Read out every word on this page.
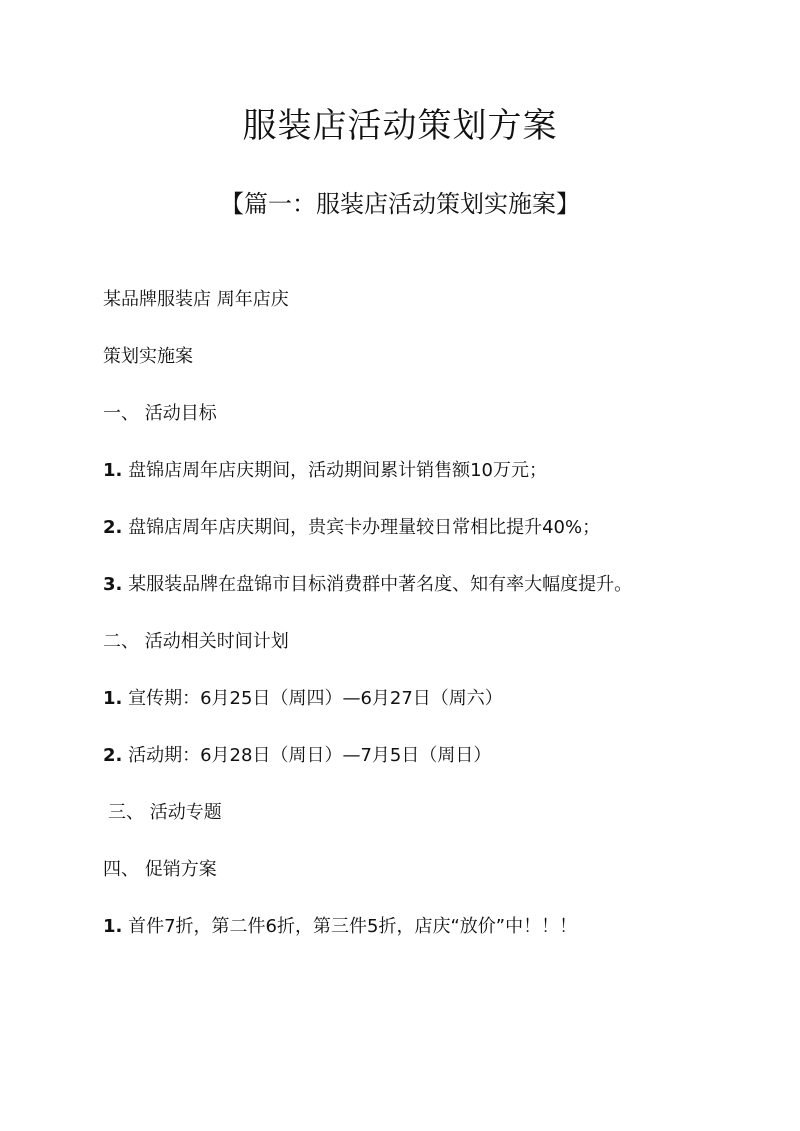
服装店活动策划方案
【篇一：服装店活动策划实施案】

某品牌服装店 周年店庆

策划实施案

一、 活动目标

1. 盘锦店周年店庆期间，活动期间累计销售额10万元；

2. 盘锦店周年店庆期间，贵宾卡办理量较日常相比提升40%；

3. 某服装品牌在盘锦市目标消费群中著名度、知有率大幅度提升。

二、 活动相关时间计划

1. 宣传期：6月25日（周四）—6月27日（周六）

2. 活动期：6月28日（周日）—7月5日（周日）

三、 活动专题

四、 促销方案

1. 首件7折，第二件6折，第三件5折，店庆“放价”中！！！
